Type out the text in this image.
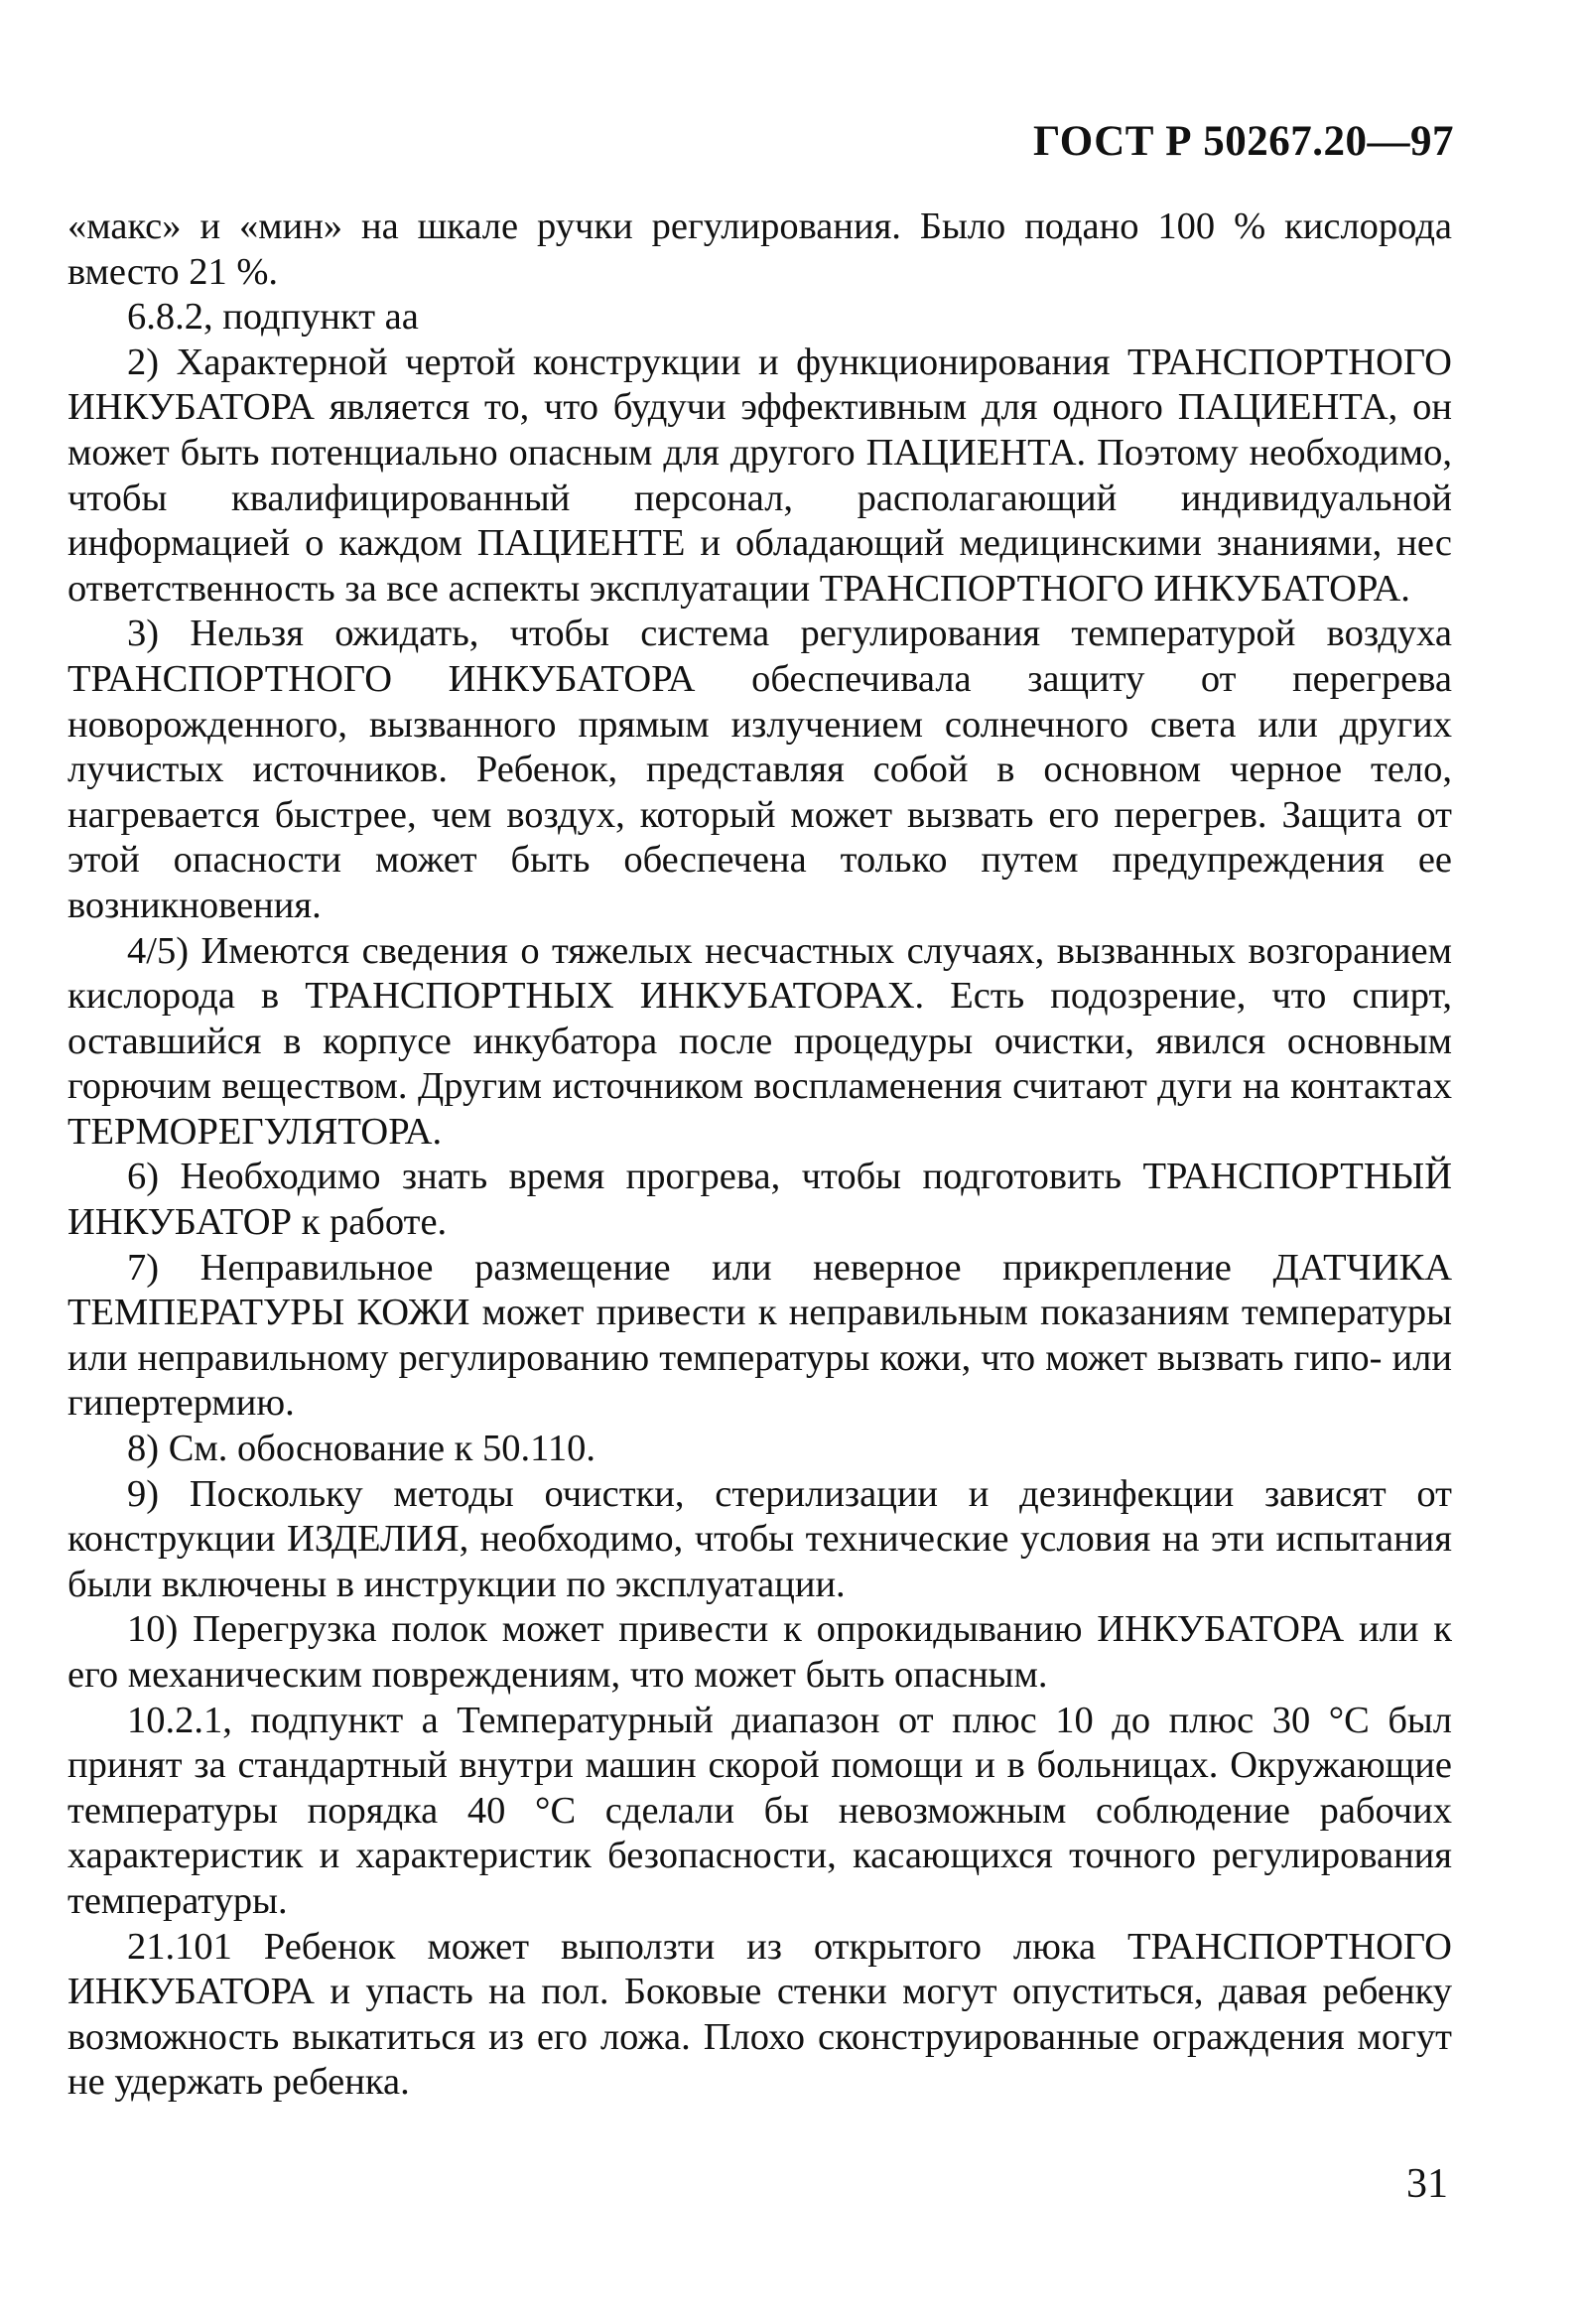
ГОСТ Р 50267.20—97

«макс» и «мин» на шкале ручки регулирования. Было подано 100 % кислорода вместо 21 %.

6.8.2, подпункт аа

2) Характерной чертой конструкции и функционирования ТРАНСПОРТНОГО ИНКУБАТОРА является то, что будучи эффективным для одного ПАЦИЕНТА, он может быть потенциально опасным для другого ПАЦИЕНТА. Поэтому необходимо, чтобы квалифицированный персонал, располагающий индивидуальной информацией о каждом ПАЦИЕНТЕ и обладающий медицинскими знаниями, нес ответственность за все аспекты эксплуатации ТРАНСПОРТНОГО ИНКУБАТОРА.

3) Нельзя ожидать, чтобы система регулирования температурой воздуха ТРАНСПОРТНОГО ИНКУБАТОРА обеспечивала защиту от перегрева новорожденного, вызванного прямым излучением солнечного света или других лучистых источников. Ребенок, представляя собой в основном черное тело, нагревается быстрее, чем воздух, который может вызвать его перегрев. Защита от этой опасности может быть обеспечена только путем предупреждения ее возникновения.

4/5) Имеются сведения о тяжелых несчастных случаях, вызванных возгоранием кислорода в ТРАНСПОРТНЫХ ИНКУБАТОРАХ. Есть подозрение, что спирт, оставшийся в корпусе инкубатора после процедуры очистки, явился основным горючим веществом. Другим источником воспламенения считают дуги на контактах ТЕРМОРЕГУЛЯТОРА.

6) Необходимо знать время прогрева, чтобы подготовить ТРАНСПОРТНЫЙ ИНКУБАТОР к работе.

7) Неправильное размещение или неверное прикрепление ДАТЧИКА ТЕМПЕРАТУРЫ КОЖИ может привести к неправильным показаниям температуры или неправильному регулированию температуры кожи, что может вызвать гипо- или гипертермию.

8) См. обоснование к 50.110.

9) Поскольку методы очистки, стерилизации и дезинфекции зависят от конструкции ИЗДЕЛИЯ, необходимо, чтобы технические условия на эти испытания были включены в инструкции по эксплуатации.

10) Перегрузка полок может привести к опрокидыванию ИНКУБАТОРА или к его механическим повреждениям, что может быть опасным.

10.2.1, подпункт а Температурный диапазон от плюс 10 до плюс 30 °С был принят за стандартный внутри машин скорой помощи и в больницах. Окружающие температуры порядка 40 °С сделали бы невозможным соблюдение рабочих характеристик и характеристик безопасности, касающихся точного регулирования температуры.

21.101 Ребенок может выползти из открытого люка ТРАНСПОРТНОГО ИНКУБАТОРА и упасть на пол. Боковые стенки могут опуститься, давая ребенку возможность выкатиться из его ложа. Плохо сконструированные ограждения могут не удержать ребенка.

31
